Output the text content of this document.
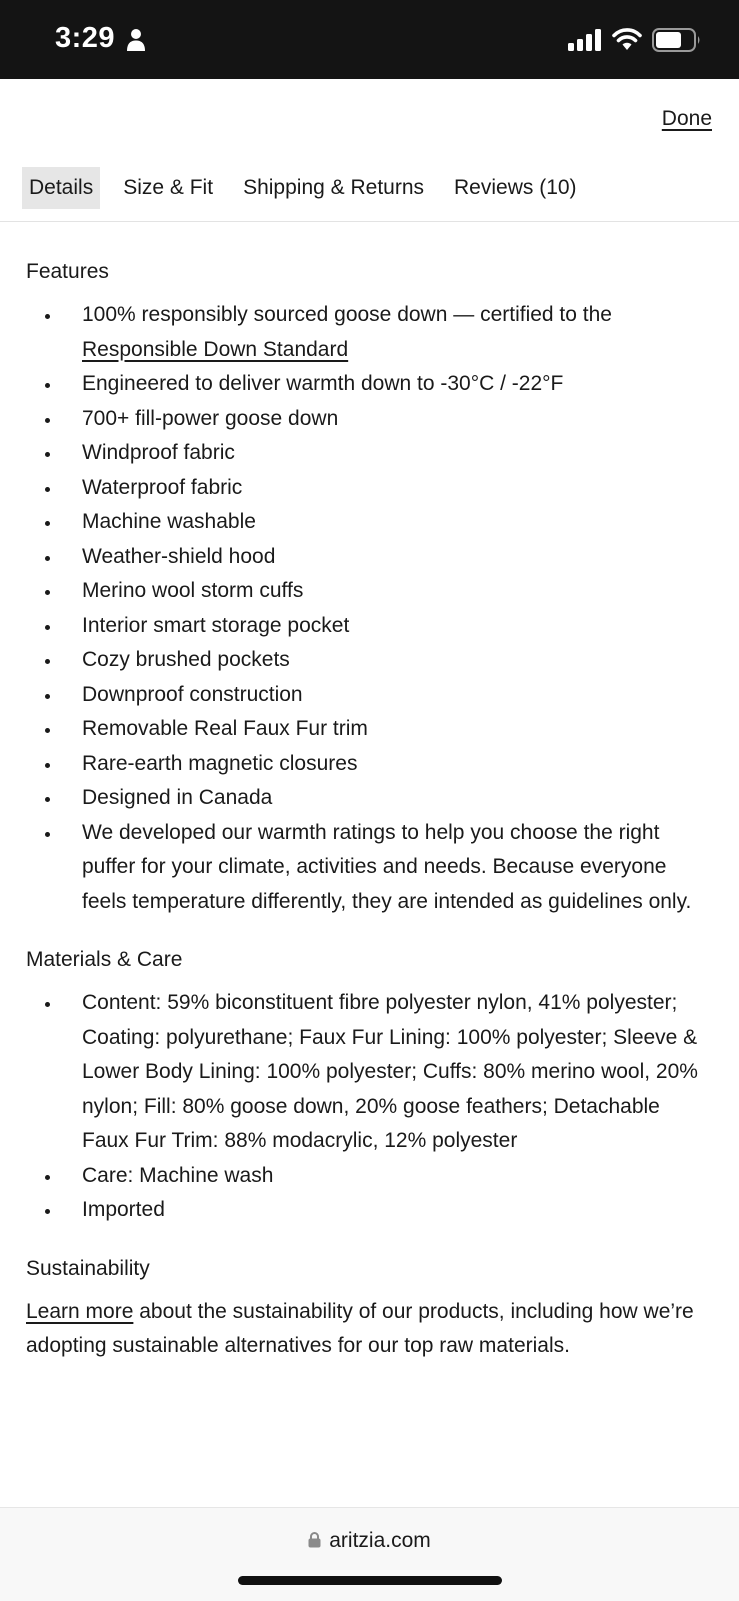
3:29
Done
Details	Size & Fit	Shipping & Returns	Reviews (10)
Features
100% responsibly sourced goose down — certified to the Responsible Down Standard
Engineered to deliver warmth down to -30°C / -22°F
700+ fill-power goose down
Windproof fabric
Waterproof fabric
Machine washable
Weather-shield hood
Merino wool storm cuffs
Interior smart storage pocket
Cozy brushed pockets
Downproof construction
Removable Real Faux Fur trim
Rare-earth magnetic closures
Designed in Canada
We developed our warmth ratings to help you choose the right puffer for your climate, activities and needs. Because everyone feels temperature differently, they are intended as guidelines only.
Materials & Care
Content: 59% biconstituent fibre polyester nylon, 41% polyester; Coating: polyurethane; Faux Fur Lining: 100% polyester; Sleeve & Lower Body Lining: 100% polyester; Cuffs: 80% merino wool, 20% nylon; Fill: 80% goose down, 20% goose feathers; Detachable Faux Fur Trim: 88% modacrylic, 12% polyester
Care: Machine wash
Imported
Sustainability

Learn more about the sustainability of our products, including how we’re adopting sustainable alternatives for our top raw materials.

aritzia.com
